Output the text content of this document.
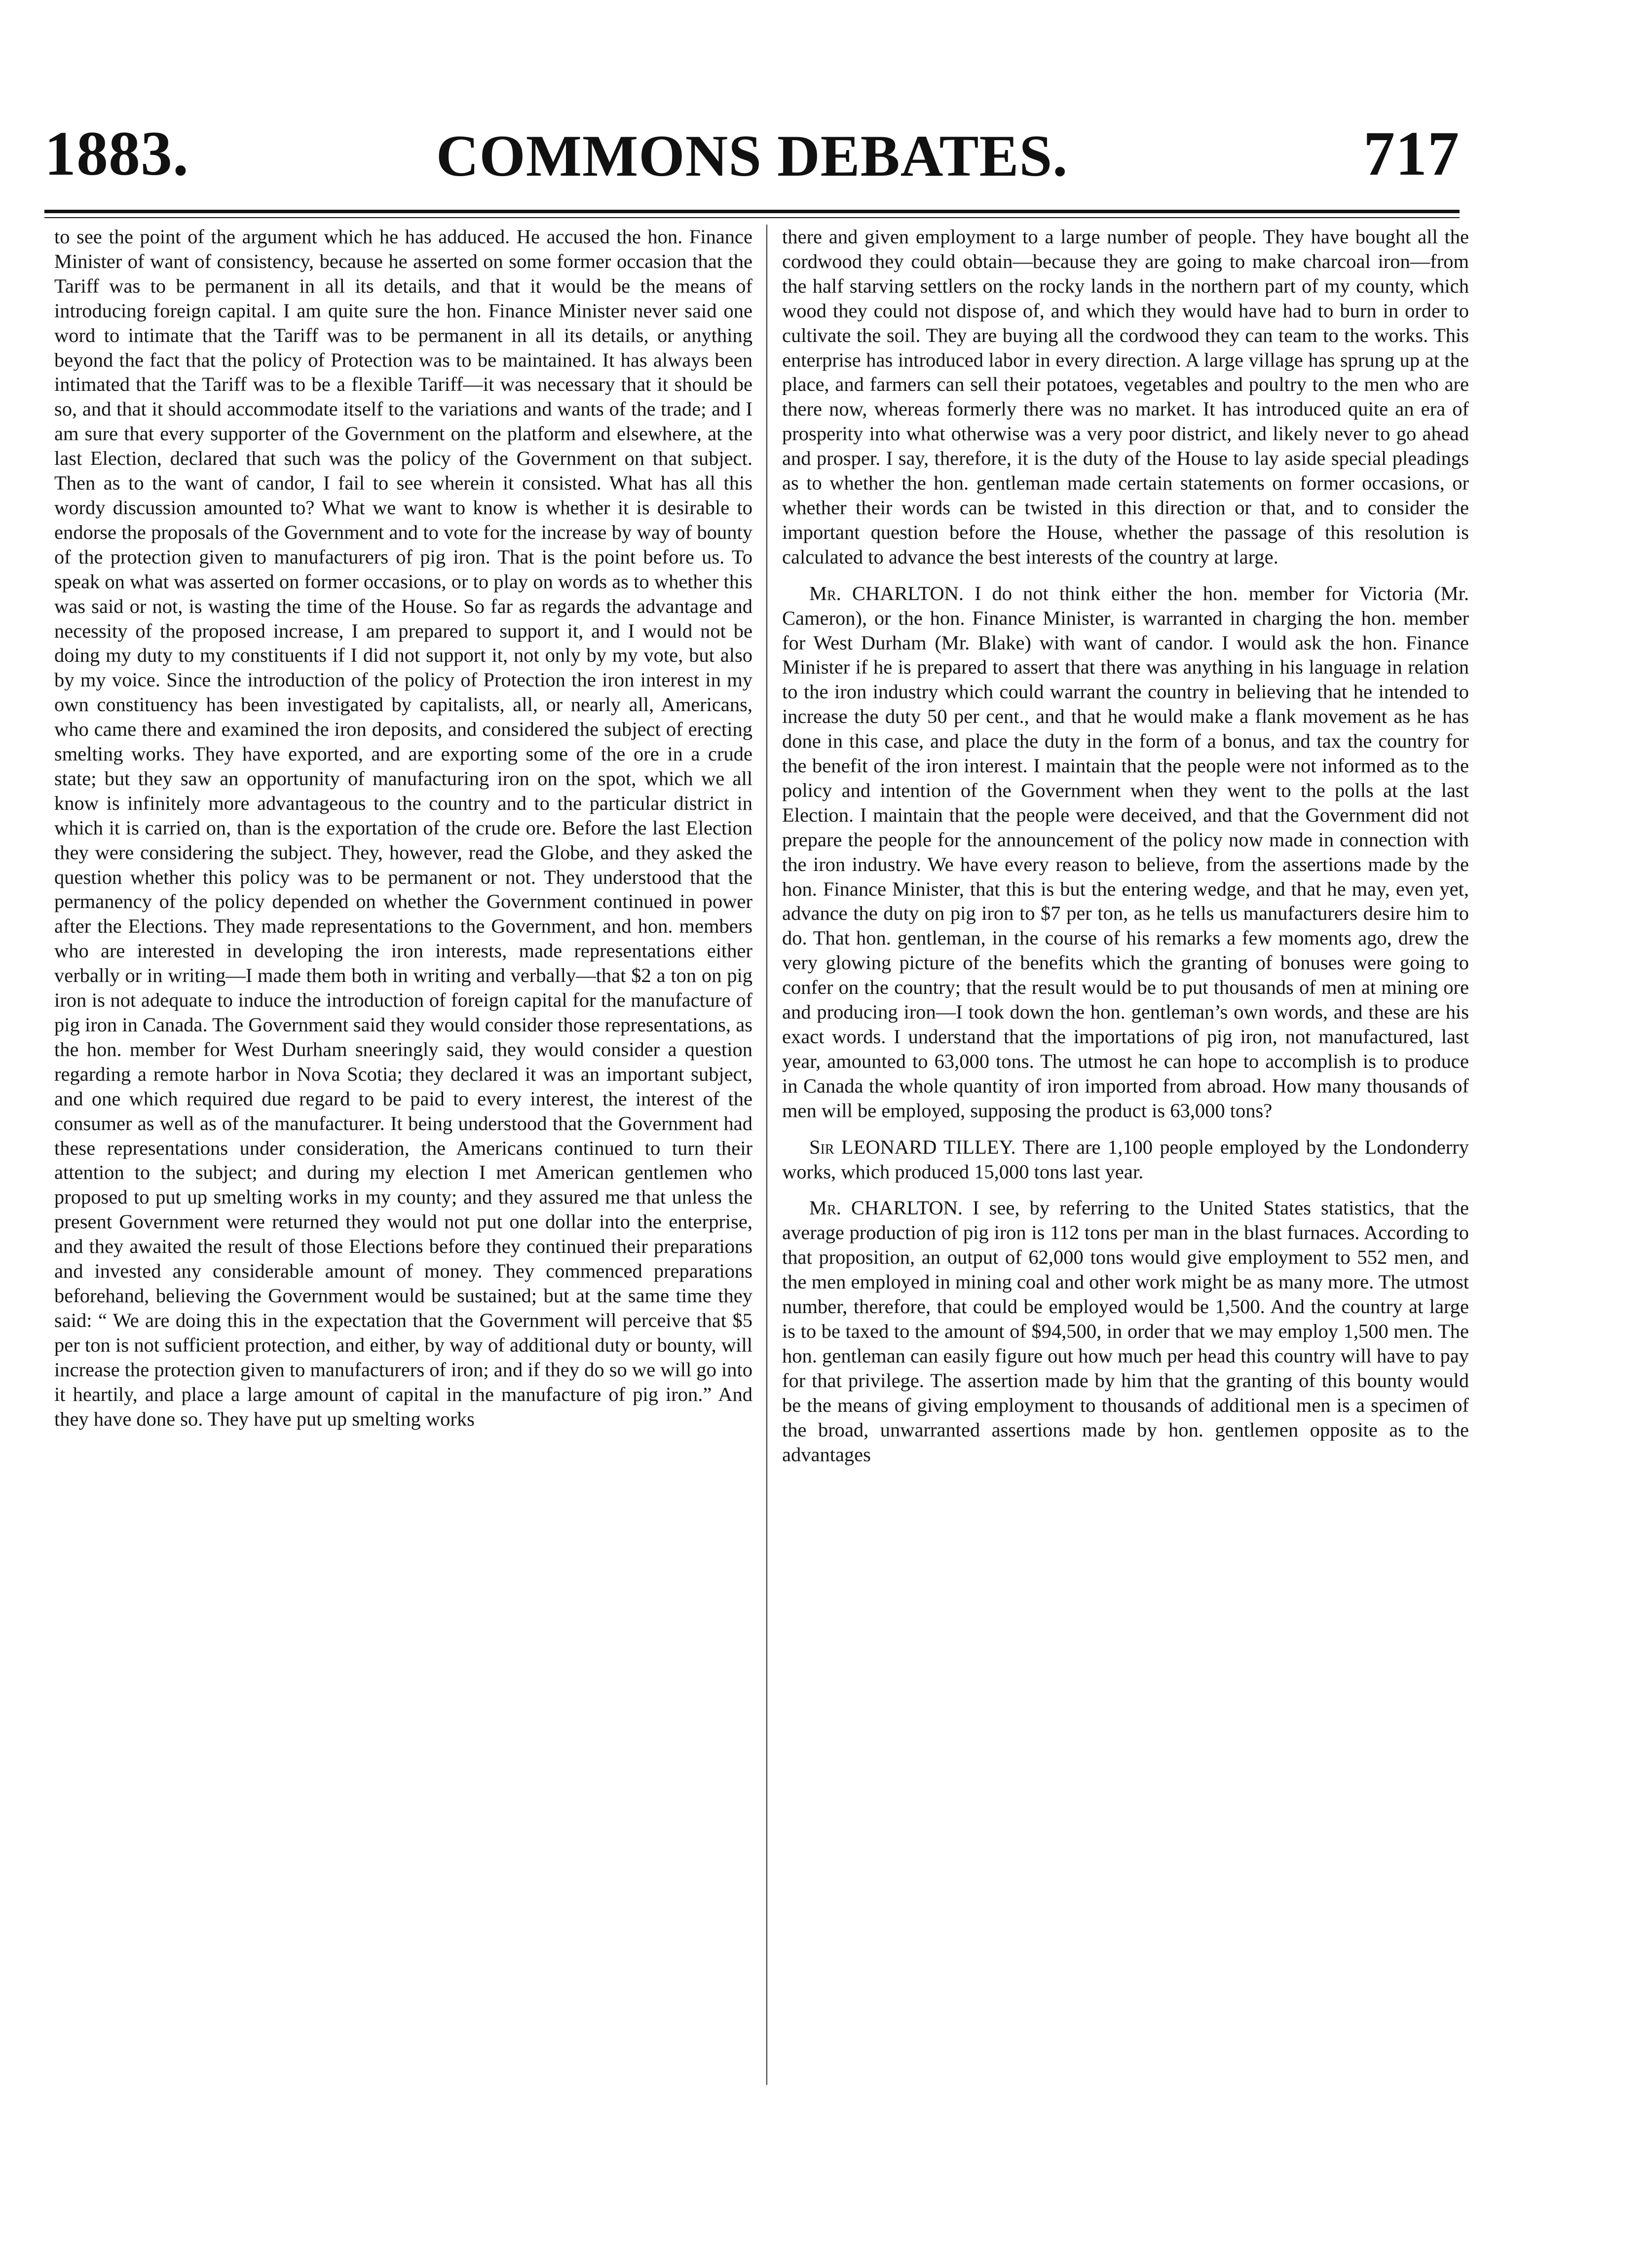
1883.	COMMONS DEBATES.	717

to see the point of the argument which he has adduced. He accused the hon. Finance Minister of want of consistency, because he asserted on some former occasion that the Tariff was to be permanent in all its details, and that it would be the means of introducing foreign capital. I am quite sure the hon. Finance Minister never said one word to intimate that the Tariff was to be permanent in all its details, or anything beyond the fact that the policy of Protection was to be maintained. It has always been intimated that the Tariff was to be a flexible Tariff—it was necessary that it should be so, and that it should accommodate itself to the variations and wants of the trade; and I am sure that every supporter of the Government on the platform and elsewhere, at the last Election, declared that such was the policy of the Government on that subject. Then as to the want of candor, I fail to see wherein it consisted. What has all this wordy discussion amounted to? What we want to know is whether it is desirable to endorse the proposals of the Government and to vote for the increase by way of bounty of the protection given to manufacturers of pig iron. That is the point before us. To speak on what was asserted on former occasions, or to play on words as to whether this was said or not, is wasting the time of the House. So far as regards the advantage and necessity of the proposed increase, I am prepared to support it, and I would not be doing my duty to my constituents if I did not support it, not only by my vote, but also by my voice. Since the introduction of the policy of Protection the iron interest in my own constituency has been investigated by capitalists, all, or nearly all, Americans, who came there and examined the iron deposits, and considered the subject of erecting smelting works. They have exported, and are exporting some of the ore in a crude state; but they saw an opportunity of manufacturing iron on the spot, which we all know is infinitely more advantageous to the country and to the particular district in which it is carried on, than is the exportation of the crude ore. Before the last Election they were considering the subject. They, however, read the Globe, and they asked the question whether this policy was to be permanent or not. They understood that the permanency of the policy depended on whether the Government continued in power after the Elections. They made representations to the Government, and hon. members who are interested in developing the iron interests, made representations either verbally or in writing—I made them both in writing and verbally—that $2 a ton on pig iron is not adequate to induce the introduction of foreign capital for the manufacture of pig iron in Canada. The Government said they would consider those representations, as the hon. member for West Durham sneeringly said, they would consider a question regarding a remote harbor in Nova Scotia; they declared it was an important subject, and one which required due regard to be paid to every interest, the interest of the consumer as well as of the manufacturer. It being understood that the Government had these representations under consideration, the Americans continued to turn their attention to the subject; and during my election I met American gentlemen who proposed to put up smelting works in my county; and they assured me that unless the present Government were returned they would not put one dollar into the enterprise, and they awaited the result of those Elections before they continued their preparations and invested any considerable amount of money. They commenced preparations beforehand, believing the Government would be sustained; but at the same time they said: “ We are doing this in the expectation that the Government will perceive that $5 per ton is not sufficient protection, and either, by way of additional duty or bounty, will increase the protection given to manufacturers of iron; and if they do so we will go into it heartily, and place a large amount of capital in the manufacture of pig iron.” And they have done so. They have put up smelting works

there and given employment to a large number of people. They have bought all the cordwood they could obtain—because they are going to make charcoal iron—from the half starving settlers on the rocky lands in the northern part of my county, which wood they could not dispose of, and which they would have had to burn in order to cultivate the soil. They are buying all the cordwood they can team to the works. This enterprise has introduced labor in every direction. A large village has sprung up at the place, and farmers can sell their potatoes, vegetables and poultry to the men who are there now, whereas formerly there was no market. It has introduced quite an era of prosperity into what otherwise was a very poor district, and likely never to go ahead and prosper. I say, therefore, it is the duty of the House to lay aside special pleadings as to whether the hon. gentleman made certain statements on former occasions, or whether their words can be twisted in this direction or that, and to consider the important question before the House, whether the passage of this resolution is calculated to advance the best interests of the country at large.

Mr. CHARLTON. I do not think either the hon. member for Victoria (Mr. Cameron), or the hon. Finance Minister, is warranted in charging the hon. member for West Durham (Mr. Blake) with want of candor. I would ask the hon. Finance Minister if he is prepared to assert that there was anything in his language in relation to the iron industry which could warrant the country in believing that he intended to increase the duty 50 per cent., and that he would make a flank movement as he has done in this case, and place the duty in the form of a bonus, and tax the country for the benefit of the iron interest. I maintain that the people were not informed as to the policy and intention of the Government when they went to the polls at the last Election. I maintain that the people were deceived, and that the Government did not prepare the people for the announcement of the policy now made in connection with the iron industry. We have every reason to believe, from the assertions made by the hon. Finance Minister, that this is but the entering wedge, and that he may, even yet, advance the duty on pig iron to $7 per ton, as he tells us manufacturers desire him to do. That hon. gentleman, in the course of his remarks a few moments ago, drew the very glowing picture of the benefits which the granting of bonuses were going to confer on the country; that the result would be to put thousands of men at mining ore and producing iron—I took down the hon. gentleman’s own words, and these are his exact words. I understand that the importations of pig iron, not manufactured, last year, amounted to 63,000 tons. The utmost he can hope to accomplish is to produce in Canada the whole quantity of iron imported from abroad. How many thousands of men will be employed, supposing the product is 63,000 tons?

Sir LEONARD TILLEY. There are 1,100 people employed by the Londonderry works, which produced 15,000 tons last year.

Mr. CHARLTON. I see, by referring to the United States statistics, that the average production of pig iron is 112 tons per man in the blast furnaces. According to that proposition, an output of 62,000 tons would give employment to 552 men, and the men employed in mining coal and other work might be as many more. The utmost number, therefore, that could be employed would be 1,500. And the country at large is to be taxed to the amount of $94,500, in order that we may employ 1,500 men. The hon. gentleman can easily figure out how much per head this country will have to pay for that privilege. The assertion made by him that the granting of this bounty would be the means of giving employment to thousands of additional men is a specimen of the broad, unwarranted assertions made by hon. gentlemen opposite as to the advantages
